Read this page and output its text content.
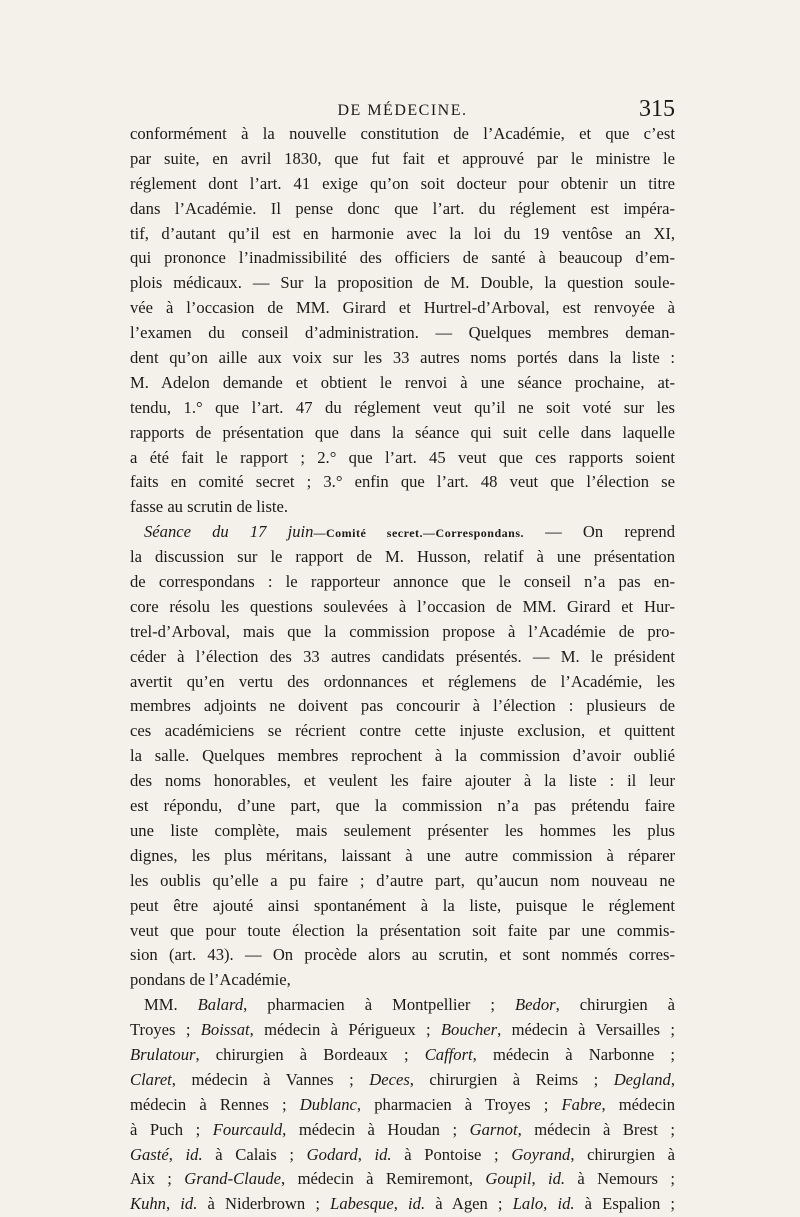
DE MÉDECINE.	315
conformément à la nouvelle constitution de l’Académie, et que c’est
par suite, en avril 1830, que fut fait et approuvé par le ministre le
réglement dont l’art. 41 exige qu’on soit docteur pour obtenir un titre
dans l’Académie. Il pense donc que l’art. du réglement est impéra-
tif, d’autant qu’il est en harmonie avec la loi du 19 ventôse an XI,
qui prononce l’inadmissibilité des officiers de santé à beaucoup d’em-
plois médicaux. — Sur la proposition de M. Double, la question soule-
vée à l’occasion de MM. Girard et Hurtrel-d’Arboval, est renvoyée à
l’examen du conseil d’administration. — Quelques membres deman-
dent qu’on aille aux voix sur les 33 autres noms portés dans la liste :
M. Adelon demande et obtient le renvoi à une séance prochaine, at-
tendu, 1.° que l’art. 47 du réglement veut qu’il ne soit voté sur les
rapports de présentation que dans la séance qui suit celle dans laquelle
a été fait le rapport ; 2.° que l’art. 45 veut que ces rapports soient
faits en comité secret ; 3.° enfin que l’art. 48 veut que l’élection se
fasse au scrutin de liste.
Séance du 17 juin—Comité secret.—Correspondans. — On reprend
la discussion sur le rapport de M. Husson, relatif à une présentation
de correspondans : le rapporteur annonce que le conseil n’a pas en-
core résolu les questions soulevées à l’occasion de MM. Girard et Hur-
trel-d’Arboval, mais que la commission propose à l’Académie de pro-
céder à l’élection des 33 autres candidats présentés. — M. le président
avertit qu’en vertu des ordonnances et réglemens de l’Académie, les
membres adjoints ne doivent pas concourir à l’élection : plusieurs de
ces académiciens se récrient contre cette injuste exclusion, et quittent
la salle. Quelques membres reprochent à la commission d’avoir oublié
des noms honorables, et veulent les faire ajouter à la liste : il leur
est répondu, d’une part, que la commission n’a pas prétendu faire
une liste complète, mais seulement présenter les hommes les plus
dignes, les plus méritans, laissant à une autre commission à réparer
les oublis qu’elle a pu faire ; d’autre part, qu’aucun nom nouveau ne
peut être ajouté ainsi spontanément à la liste, puisque le réglement
veut que pour toute élection la présentation soit faite par une commis-
sion (art. 43). — On procède alors au scrutin, et sont nommés corres-
pondans de l’Académie,
MM. Balard, pharmacien à Montpellier ; Bedor, chirurgien à
Troyes ; Boissat, médecin à Périgueux ; Boucher, médecin à Versailles ;
Brulatour, chirurgien à Bordeaux ; Caffort, médecin à Narbonne ;
Claret, médecin à Vannes ; Deces, chirurgien à Reims ; Degland,
médecin à Rennes ; Dublanc, pharmacien à Troyes ; Fabre, médecin
à Puch ; Fourcauld, médecin à Houdan ; Garnot, médecin à Brest ;
Gasté, id. à Calais ; Godard, id. à Pontoise ; Goyrand, chirurgien à
Aix ; Grand-Claude, médecin à Remiremont, Goupil, id. à Nemours ;
Kuhn, id. à Niderbrown ; Labesque, id. à Agen ; Lalo, id. à Espalion ;
